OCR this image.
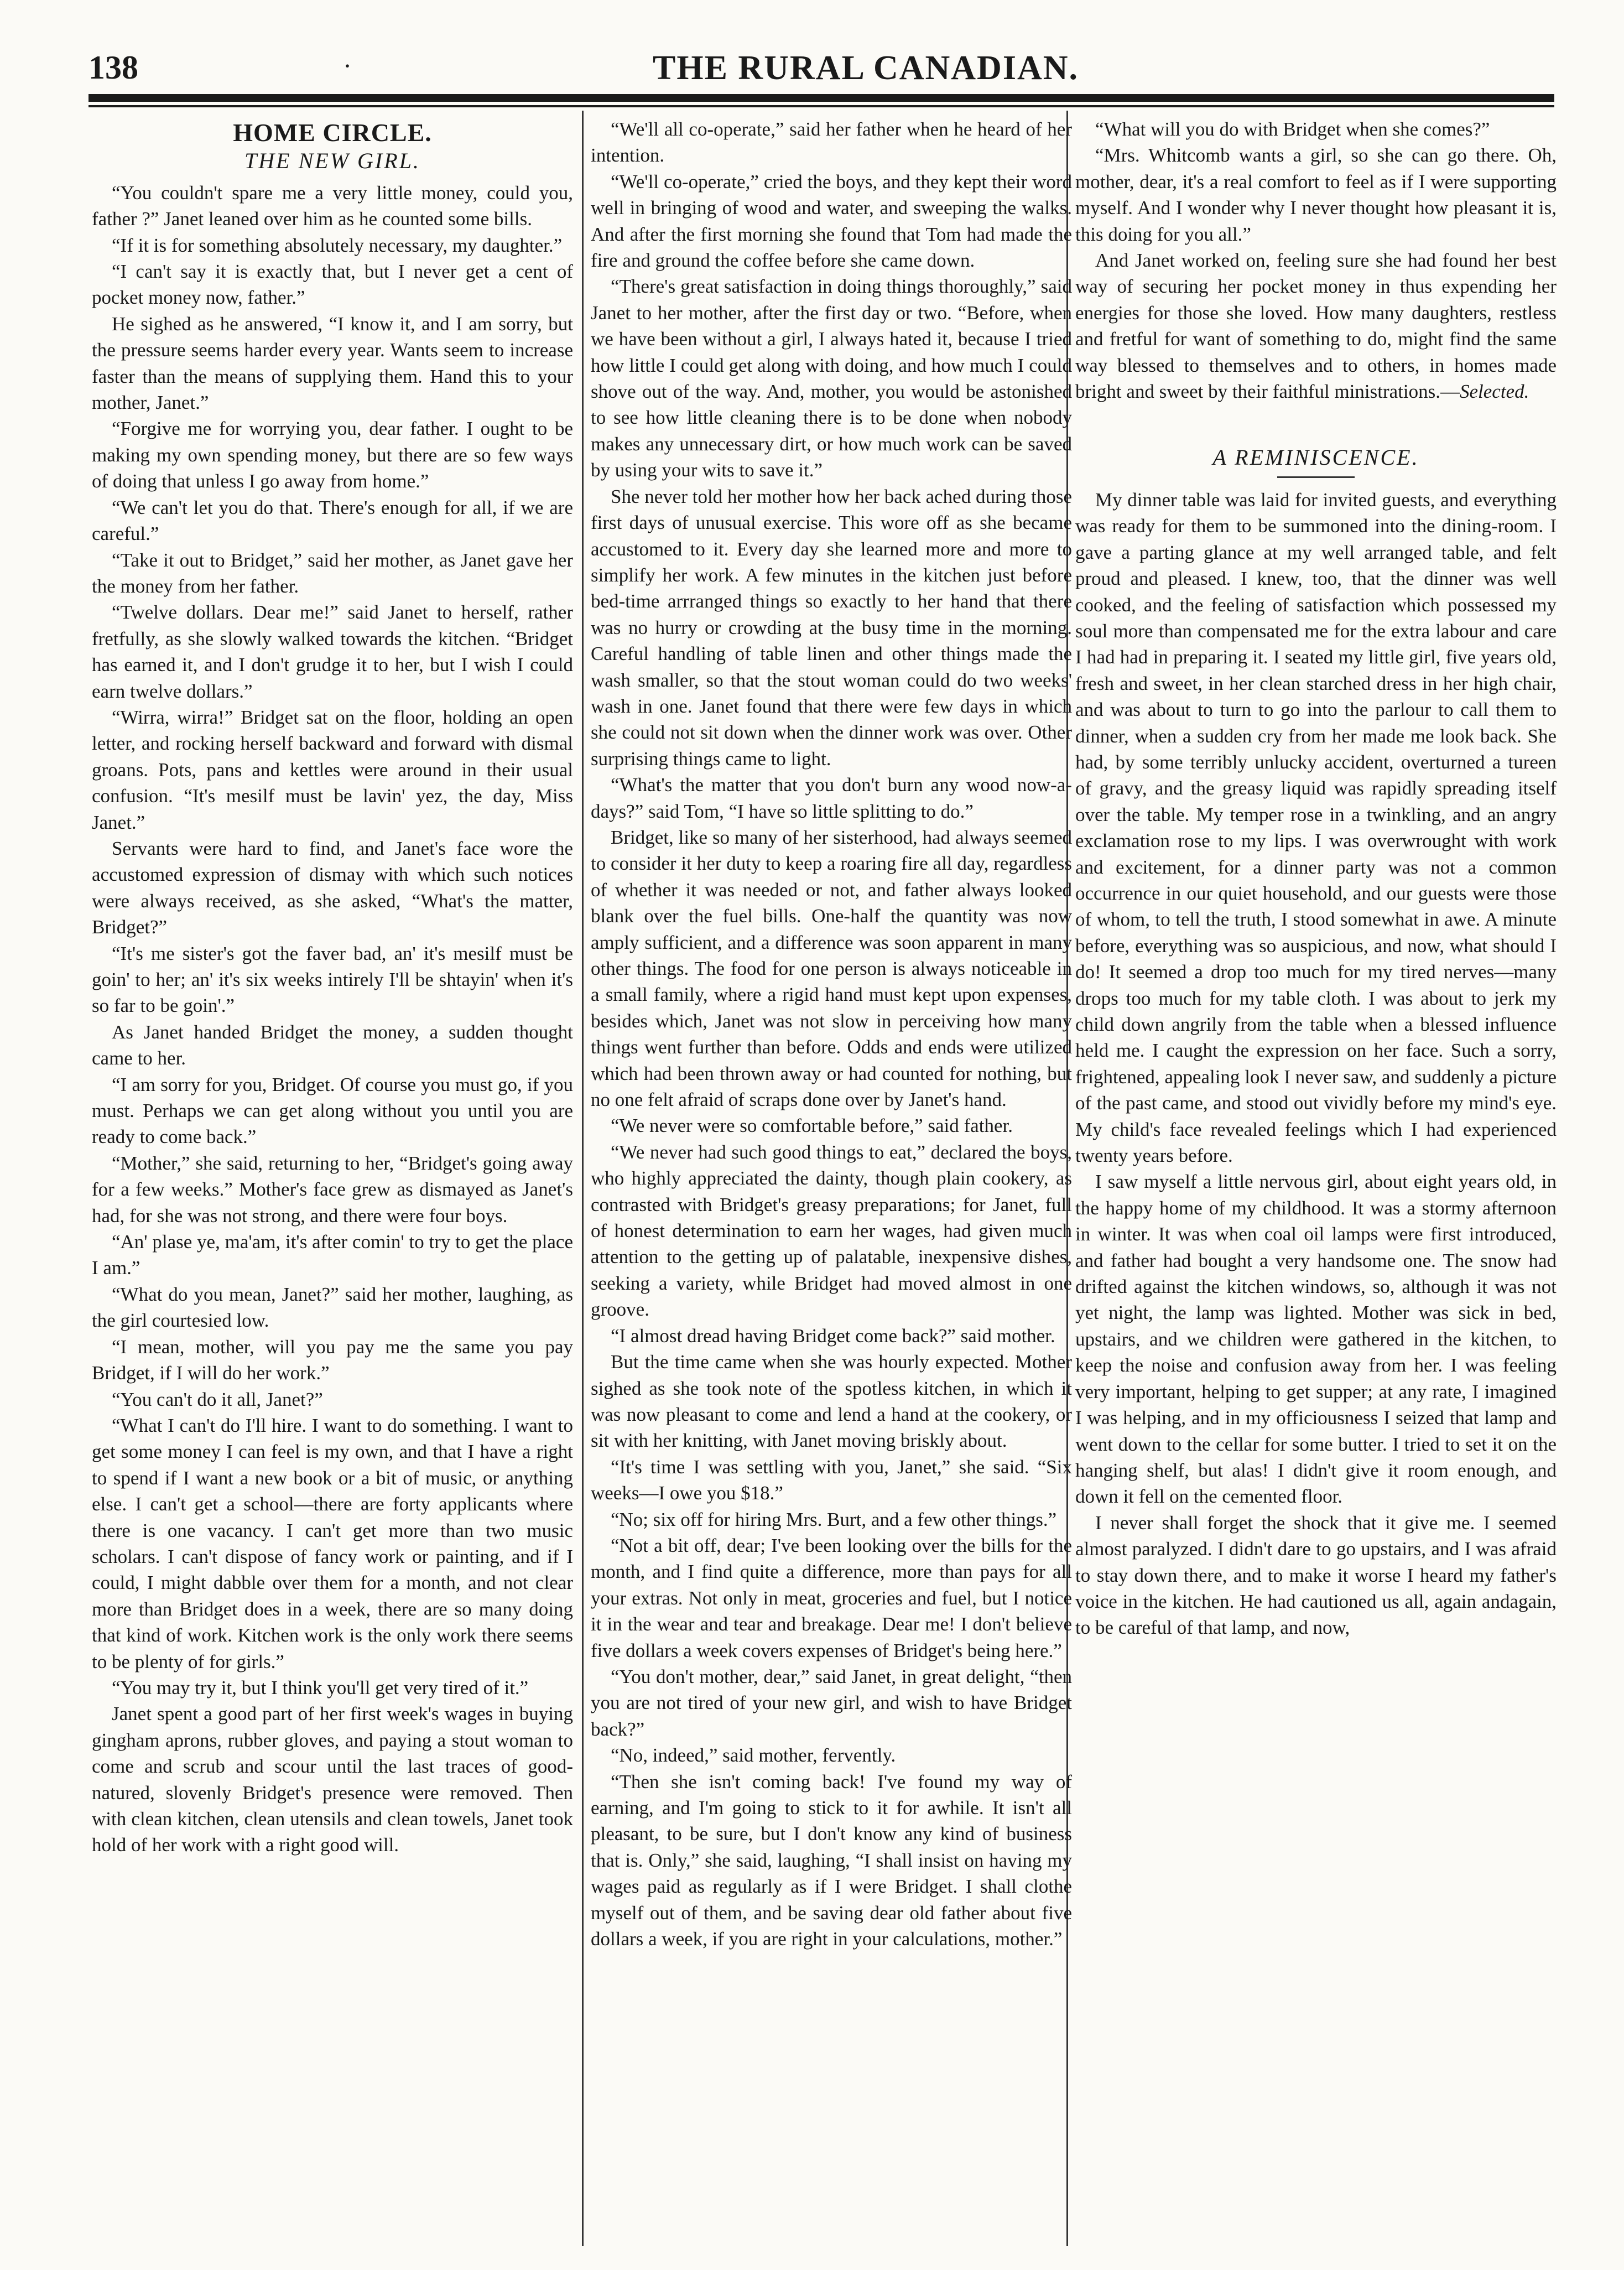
138	·	THE RURAL CANADIAN.
HOME CIRCLE.
THE NEW GIRL.

“You couldn't spare me a very little money, could you, father ?” Janet leaned over him as he counted some bills.

“If it is for something absolutely necessary, my daughter.”

“I can't say it is exactly that, but I never get a cent of pocket money now, father.”

He sighed as he answered, “I know it, and I am sorry, but the pressure seems harder every year. Wants seem to increase faster than the means of supplying them. Hand this to your mother, Janet.”

“Forgive me for worrying you, dear father. I ought to be making my own spending money, but there are so few ways of doing that unless I go away from home.”

“We can't let you do that. There's enough for all, if we are careful.”

“Take it out to Bridget,” said her mother, as Janet gave her the money from her father.

“Twelve dollars. Dear me!” said Janet to herself, rather fretfully, as she slowly walked towards the kitchen. “Bridget has earned it, and I don't grudge it to her, but I wish I could earn twelve dollars.”

“Wirra, wirra!” Bridget sat on the floor, holding an open letter, and rocking herself backward and forward with dismal groans. Pots, pans and kettles were around in their usual confusion. “It's mesilf must be lavin' yez, the day, Miss Janet.”

Servants were hard to find, and Janet's face wore the accustomed expression of dismay with which such notices were always received, as she asked, “What's the matter, Bridget?”

“It's me sister's got the faver bad, an' it's mesilf must be goin' to her; an' it's six weeks intirely I'll be shtayin' when it's so far to be goin'.”

As Janet handed Bridget the money, a sudden thought came to her.

“I am sorry for you, Bridget. Of course you must go, if you must. Perhaps we can get along without you until you are ready to come back.”

“Mother,” she said, returning to her, “Bridget's going away for a few weeks.” Mother's face grew as dismayed as Janet's had, for she was not strong, and there were four boys.

“An' plase ye, ma'am, it's after comin' to try to get the place I am.”

“What do you mean, Janet?” said her mother, laughing, as the girl courtesied low.

“I mean, mother, will you pay me the same you pay Bridget, if I will do her work.”

“You can't do it all, Janet?”

“What I can't do I'll hire. I want to do something. I want to get some money I can feel is my own, and that I have a right to spend if I want a new book or a bit of music, or anything else. I can't get a school—there are forty applicants where there is one vacancy. I can't get more than two music scholars. I can't dispose of fancy work or painting, and if I could, I might dabble over them for a month, and not clear more than Bridget does in a week, there are so many doing that kind of work. Kitchen work is the only work there seems to be plenty of for girls.”

“You may try it, but I think you'll get very tired of it.”

Janet spent a good part of her first week's wages in buying gingham aprons, rubber gloves, and paying a stout woman to come and scrub and scour until the last traces of good-natured, slovenly Bridget's presence were removed. Then with clean kitchen, clean utensils and clean towels, Janet took hold of her work with a right good will.

“We'll all co-operate,” said her father when he heard of her intention.

“We'll co-operate,” cried the boys, and they kept their word well in bringing of wood and water, and sweeping the walks. And after the first morning she found that Tom had made the fire and ground the coffee before she came down.

“There's great satisfaction in doing things thoroughly,” said Janet to her mother, after the first day or two. “Before, when we have been without a girl, I always hated it, because I tried how little I could get along with doing, and how much I could shove out of the way. And, mother, you would be astonished to see how little cleaning there is to be done when nobody makes any unnecessary dirt, or how much work can be saved by using your wits to save it.”

She never told her mother how her back ached during those first days of unusual exercise. This wore off as she became accustomed to it. Every day she learned more and more to simplify her work. A few minutes in the kitchen just before bed-time arrranged things so exactly to her hand that there was no hurry or crowding at the busy time in the morning. Careful handling of table linen and other things made the wash smaller, so that the stout woman could do two weeks' wash in one. Janet found that there were few days in which she could not sit down when the dinner work was over. Other surprising things came to light.

“What's the matter that you don't burn any wood now-a-days?” said Tom, “I have so little splitting to do.”

Bridget, like so many of her sisterhood, had always seemed to consider it her duty to keep a roaring fire all day, regardless of whether it was needed or not, and father always looked blank over the fuel bills. One-half the quantity was now amply sufficient, and a difference was soon apparent in many other things. The food for one person is always noticeable in a small family, where a rigid hand must kept upon expenses, besides which, Janet was not slow in perceiving how many things went further than before. Odds and ends were utilized which had been thrown away or had counted for nothing, but no one felt afraid of scraps done over by Janet's hand.

“We never were so comfortable before,” said father.

“We never had such good things to eat,” declared the boys, who highly appreciated the dainty, though plain cookery, as contrasted with Bridget's greasy preparations; for Janet, full of honest determination to earn her wages, had given much attention to the getting up of palatable, inexpensive dishes, seeking a variety, while Bridget had moved almost in one groove.

“I almost dread having Bridget come back?” said mother.

But the time came when she was hourly expected. Mother sighed as she took note of the spotless kitchen, in which it was now pleasant to come and lend a hand at the cookery, or sit with her knitting, with Janet moving briskly about.

“It's time I was settling with you, Janet,” she said. “Six weeks—I owe you $18.”

“No; six off for hiring Mrs. Burt, and a few other things.”

“Not a bit off, dear; I've been looking over the bills for the month, and I find quite a difference, more than pays for all your extras. Not only in meat, groceries and fuel, but I notice it in the wear and tear and breakage. Dear me! I don't believe five dollars a week covers expenses of Bridget's being here.”

“You don't mother, dear,” said Janet, in great delight, “then you are not tired of your new girl, and wish to have Bridget back?”

“No, indeed,” said mother, fervently.

“Then she isn't coming back! I've found my way of earning, and I'm going to stick to it for awhile. It isn't all pleasant, to be sure, but I don't know any kind of business that is. Only,” she said, laughing, “I shall insist on having my wages paid as regularly as if I were Bridget. I shall clothe myself out of them, and be saving dear old father about five dollars a week, if you are right in your calculations, mother.”

“What will you do with Bridget when she comes?”

“Mrs. Whitcomb wants a girl, so she can go there. Oh, mother, dear, it's a real comfort to feel as if I were supporting myself. And I wonder why I never thought how pleasant it is, this doing for you all.”

And Janet worked on, feeling sure she had found her best way of securing her pocket money in thus expending her energies for those she loved. How many daughters, restless and fretful for want of something to do, might find the same way blessed to themselves and to others, in homes made bright and sweet by their faithful ministrations.—Selected.

A REMINISCENCE.

My dinner table was laid for invited guests, and everything was ready for them to be summoned into the dining-room. I gave a parting glance at my well arranged table, and felt proud and pleased. I knew, too, that the dinner was well cooked, and the feeling of satisfaction which possessed my soul more than compensated me for the extra labour and care I had had in preparing it. I seated my little girl, five years old, fresh and sweet, in her clean starched dress in her high chair, and was about to turn to go into the parlour to call them to dinner, when a sudden cry from her made me look back. She had, by some terribly unlucky accident, overturned a tureen of gravy, and the greasy liquid was rapidly spreading itself over the table. My temper rose in a twinkling, and an angry exclamation rose to my lips. I was overwrought with work and excitement, for a dinner party was not a common occurrence in our quiet household, and our guests were those of whom, to tell the truth, I stood somewhat in awe. A minute before, everything was so auspicious, and now, what should I do! It seemed a drop too much for my tired nerves—many drops too much for my table cloth. I was about to jerk my child down angrily from the table when a blessed influence held me. I caught the expression on her face. Such a sorry, frightened, appealing look I never saw, and suddenly a picture of the past came, and stood out vividly before my mind's eye. My child's face revealed feelings which I had experienced twenty years before.

I saw myself a little nervous girl, about eight years old, in the happy home of my childhood. It was a stormy afternoon in winter. It was when coal oil lamps were first introduced, and father had bought a very handsome one. The snow had drifted against the kitchen windows, so, although it was not yet night, the lamp was lighted. Mother was sick in bed, upstairs, and we children were gathered in the kitchen, to keep the noise and confusion away from her. I was feeling very important, helping to get supper; at any rate, I imagined I was helping, and in my officiousness I seized that lamp and went down to the cellar for some butter. I tried to set it on the hanging shelf, but alas! I didn't give it room enough, and down it fell on the cemented floor.

I never shall forget the shock that it give me. I seemed almost paralyzed. I didn't dare to go upstairs, and I was afraid to stay down there, and to make it worse I heard my father's voice in the kitchen. He had cautioned us all, again andagain, to be careful of that lamp, and now,
